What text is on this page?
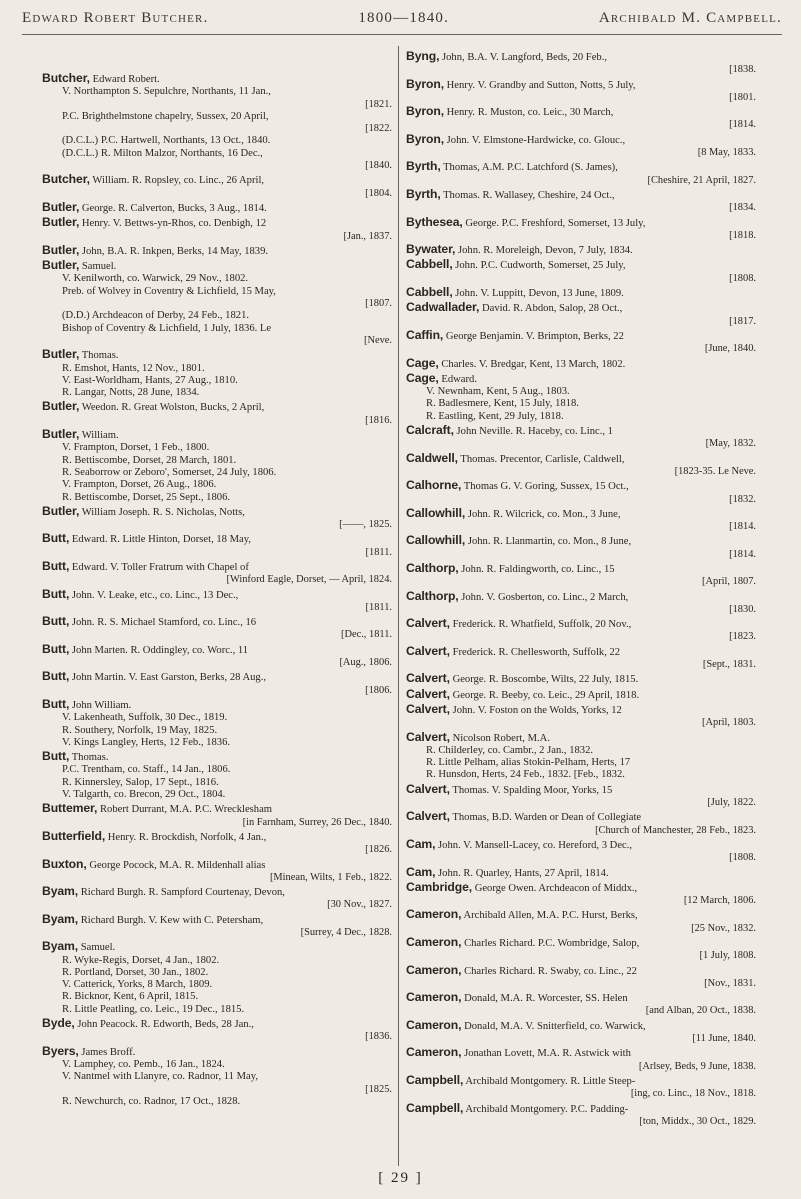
Edward Robert Butcher.	1800—1840.	Archibald M. Campbell.
Butcher, Edward Robert.
V. Northampton S. Sepulchre, Northants, 11 Jan.,
[1821.
P.C. Brighthelmstone chapelry, Sussex, 20 April,
[1822.
(D.C.L.) P.C. Hartwell, Northants, 13 Oct., 1840.
(D.C.L.) R. Milton Malzor, Northants, 16 Dec.,
[1840.
Butcher, William. R. Ropsley, co. Linc., 26 April,
[1804.
Butler, George. R. Calverton, Bucks, 3 Aug., 1814.
Butler, Henry. V. Bettws-yn-Rhos, co. Denbigh, 12
[Jan., 1837.
Butler, John, B.A. R. Inkpen, Berks, 14 May, 1839.
Butler, Samuel.
V. Kenilworth, co. Warwick, 29 Nov., 1802.
Preb. of Wolvey in Coventry & Lichfield, 15 May,
[1807.
(D.D.) Archdeacon of Derby, 24 Feb., 1821.
Bishop of Coventry & Lichfield, 1 July, 1836. Le
[Neve.
Butler, Thomas.
R. Emshot, Hants, 12 Nov., 1801.
V. East-Worldham, Hants, 27 Aug., 1810.
R. Langar, Notts, 28 June, 1834.
Butler, Weedon. R. Great Wolston, Bucks, 2 April,
[1816.
Butler, William.
V. Frampton, Dorset, 1 Feb., 1800.
R. Bettiscombe, Dorset, 28 March, 1801.
R. Seaborrow or Zeboro', Somerset, 24 July, 1806.
V. Frampton, Dorset, 26 Aug., 1806.
R. Bettiscombe, Dorset, 25 Sept., 1806.
Butler, William Joseph. R. S. Nicholas, Notts,
[——, 1825.
Butt, Edward. R. Little Hinton, Dorset, 18 May,
[1811.
Butt, Edward. V. Toller Fratrum with Chapel of
[Winford Eagle, Dorset, — April, 1824.
Butt, John. V. Leake, etc., co. Linc., 13 Dec.,
[1811.
Butt, John. R. S. Michael Stamford, co. Linc., 16
[Dec., 1811.
Butt, John Marten. R. Oddingley, co. Worc., 11
[Aug., 1806.
Butt, John Martin. V. East Garston, Berks, 28 Aug.,
[1806.
Butt, John William.
V. Lakenheath, Suffolk, 30 Dec., 1819.
R. Southery, Norfolk, 19 May, 1825.
V. Kings Langley, Herts, 12 Feb., 1836.
Butt, Thomas.
P.C. Trentham, co. Staff., 14 Jan., 1806.
R. Kinnersley, Salop, 17 Sept., 1816.
V. Talgarth, co. Brecon, 29 Oct., 1804.
Buttemer, Robert Durrant, M.A. P.C. Wrecklesham
[in Farnham, Surrey, 26 Dec., 1840.
Butterfield, Henry. R. Brockdish, Norfolk, 4 Jan.,
[1826.
Buxton, George Pocock, M.A. R. Mildenhall alias
[Minean, Wilts, 1 Feb., 1822.
Byam, Richard Burgh. R. Sampford Courtenay, Devon,
[30 Nov., 1827.
Byam, Richard Burgh. V. Kew with C. Petersham,
[Surrey, 4 Dec., 1828.
Byam, Samuel.
R. Wyke-Regis, Dorset, 4 Jan., 1802.
R. Portland, Dorset, 30 Jan., 1802.
V. Catterick, Yorks, 8 March, 1809.
R. Bicknor, Kent, 6 April, 1815.
R. Little Peatling, co. Leic., 19 Dec., 1815.
Byde, John Peacock. R. Edworth, Beds, 28 Jan.,
[1836.
Byers, James Broff.
V. Lamphey, co. Pemb., 16 Jan., 1824.
V. Nantmel with Llanyre, co. Radnor, 11 May,
[1825.
R. Newchurch, co. Radnor, 17 Oct., 1828.
Byng, John, B.A. V. Langford, Beds, 20 Feb.,
[1838.
Byron, Henry. V. Grandby and Sutton, Notts, 5 July,
[1801.
Byron, Henry. R. Muston, co. Leic., 30 March,
[1814.
Byron, John. V. Elmstone-Hardwicke, co. Glouc.,
[8 May, 1833.
Byrth, Thomas, A.M. P.C. Latchford (S. James),
[Cheshire, 21 April, 1827.
Byrth, Thomas. R. Wallasey, Cheshire, 24 Oct.,
[1834.
Bythesea, George. P.C. Freshford, Somerset, 13 July,
[1818.
Bywater, John. R. Moreleigh, Devon, 7 July, 1834.
Cabbell, John. P.C. Cudworth, Somerset, 25 July,
[1808.
Cabbell, John. V. Luppitt, Devon, 13 June, 1809.
Cadwallader, David. R. Abdon, Salop, 28 Oct.,
[1817.
Caffin, George Benjamin. V. Brimpton, Berks, 22
[June, 1840.
Cage, Charles. V. Bredgar, Kent, 13 March, 1802.
Cage, Edward.
V. Newnham, Kent, 5 Aug., 1803.
R. Badlesmere, Kent, 15 July, 1818.
R. Eastling, Kent, 29 July, 1818.
Calcraft, John Neville. R. Haceby, co. Linc., 1
[May, 1832.
Caldwell, Thomas. Precentor, Carlisle, Caldwell,
[1823-35. Le Neve.
Calhorne, Thomas G. V. Goring, Sussex, 15 Oct.,
[1832.
Callowhill, John. R. Wilcrick, co. Mon., 3 June,
[1814.
Callowhill, John. R. Llanmartin, co. Mon., 8 June,
[1814.
Calthorp, John. R. Faldingworth, co. Linc., 15
[April, 1807.
Calthorp, John. V. Gosberton, co. Linc., 2 March,
[1830.
Calvert, Frederick. R. Whatfield, Suffolk, 20 Nov.,
[1823.
Calvert, Frederick. R. Chellesworth, Suffolk, 22
[Sept., 1831.
Calvert, George. R. Boscombe, Wilts, 22 July, 1815.
Calvert, George. R. Beeby, co. Leic., 29 April, 1818.
Calvert, John. V. Foston on the Wolds, Yorks, 12
[April, 1803.
Calvert, Nicolson Robert, M.A.
R. Childerley, co. Cambr., 2 Jan., 1832.
R. Little Pelham, alias Stokin-Pelham, Herts, 17
R. Hunsdon, Herts, 24 Feb., 1832. [Feb., 1832.
Calvert, Thomas. V. Spalding Moor, Yorks, 15
[July, 1822.
Calvert, Thomas, B.D. Warden or Dean of Collegiate
[Church of Manchester, 28 Feb., 1823.
Cam, John. V. Mansell-Lacey, co. Hereford, 3 Dec.,
[1808.
Cam, John. R. Quarley, Hants, 27 April, 1814.
Cambridge, George Owen. Archdeacon of Middx.,
[12 March, 1806.
Cameron, Archibald Allen, M.A. P.C. Hurst, Berks,
[25 Nov., 1832.
Cameron, Charles Richard. P.C. Wombridge, Salop,
[1 July, 1808.
Cameron, Charles Richard. R. Swaby, co. Linc., 22
[Nov., 1831.
Cameron, Donald, M.A. R. Worcester, SS. Helen
[and Alban, 20 Oct., 1838.
Cameron, Donald, M.A. V. Snitterfield, co. Warwick,
[11 June, 1840.
Cameron, Jonathan Lovett, M.A. R. Astwick with
[Arlsey, Beds, 9 June, 1838.
Campbell, Archibald Montgomery. R. Little Steep-
[ing, co. Linc., 18 Nov., 1818.
Campbell, Archibald Montgomery. P.C. Padding-
[ton, Middx., 30 Oct., 1829.
[ 29 ]
